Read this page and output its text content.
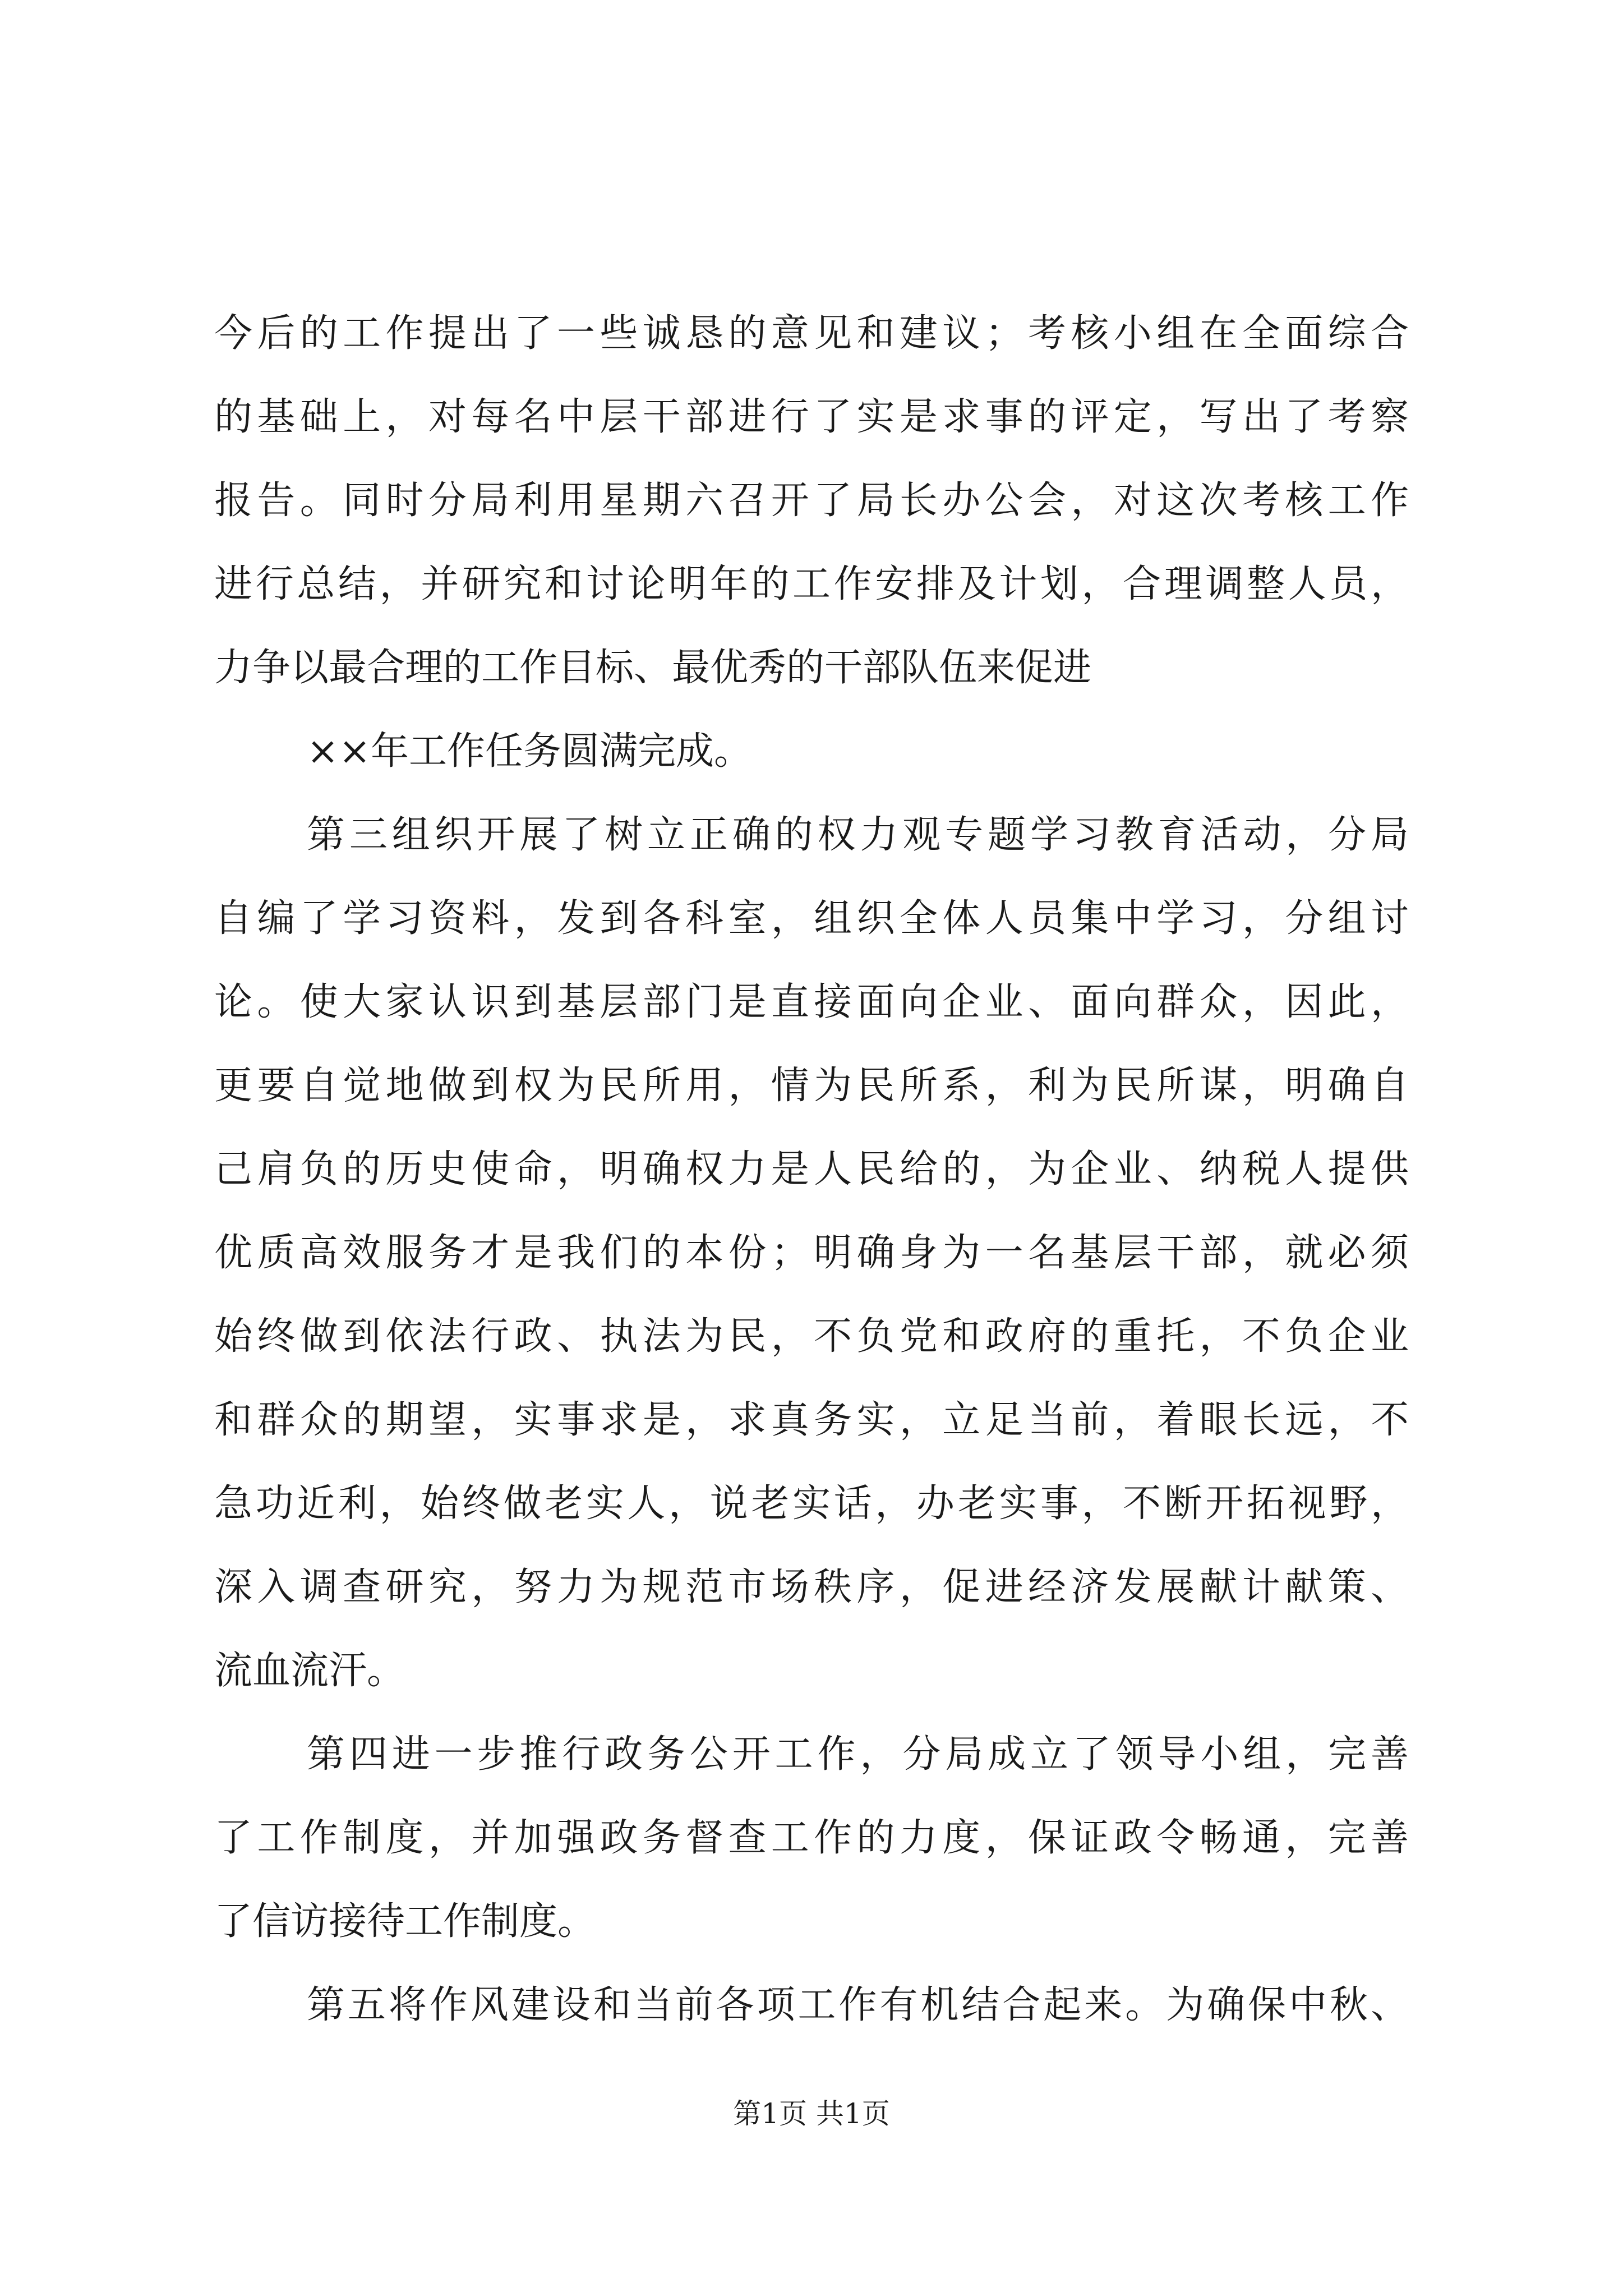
今后的工作提出了一些诚恳的意见和建议；考核小组在全面综合
的基础上，对每名中层干部进行了实是求事的评定，写出了考察
报告。同时分局利用星期六召开了局长办公会，对这次考核工作
进行总结，并研究和讨论明年的工作安排及计划，合理调整人员，
力争以最合理的工作目标、最优秀的干部队伍来促进
××年工作任务圆满完成。
第三组织开展了树立正确的权力观专题学习教育活动，分局
自编了学习资料，发到各科室，组织全体人员集中学习，分组讨
论。使大家认识到基层部门是直接面向企业、面向群众，因此，
更要自觉地做到权为民所用，情为民所系，利为民所谋，明确自
己肩负的历史使命，明确权力是人民给的，为企业、纳税人提供
优质高效服务才是我们的本份；明确身为一名基层干部，就必须
始终做到依法行政、执法为民，不负党和政府的重托，不负企业
和群众的期望，实事求是，求真务实，立足当前，着眼长远，不
急功近利，始终做老实人，说老实话，办老实事，不断开拓视野，
深入调查研究，努力为规范市场秩序，促进经济发展献计献策、
流血流汗。
第四进一步推行政务公开工作，分局成立了领导小组，完善
了工作制度，并加强政务督查工作的力度，保证政令畅通，完善
了信访接待工作制度。
第五将作风建设和当前各项工作有机结合起来。为确保中秋、
第1页 共1页
